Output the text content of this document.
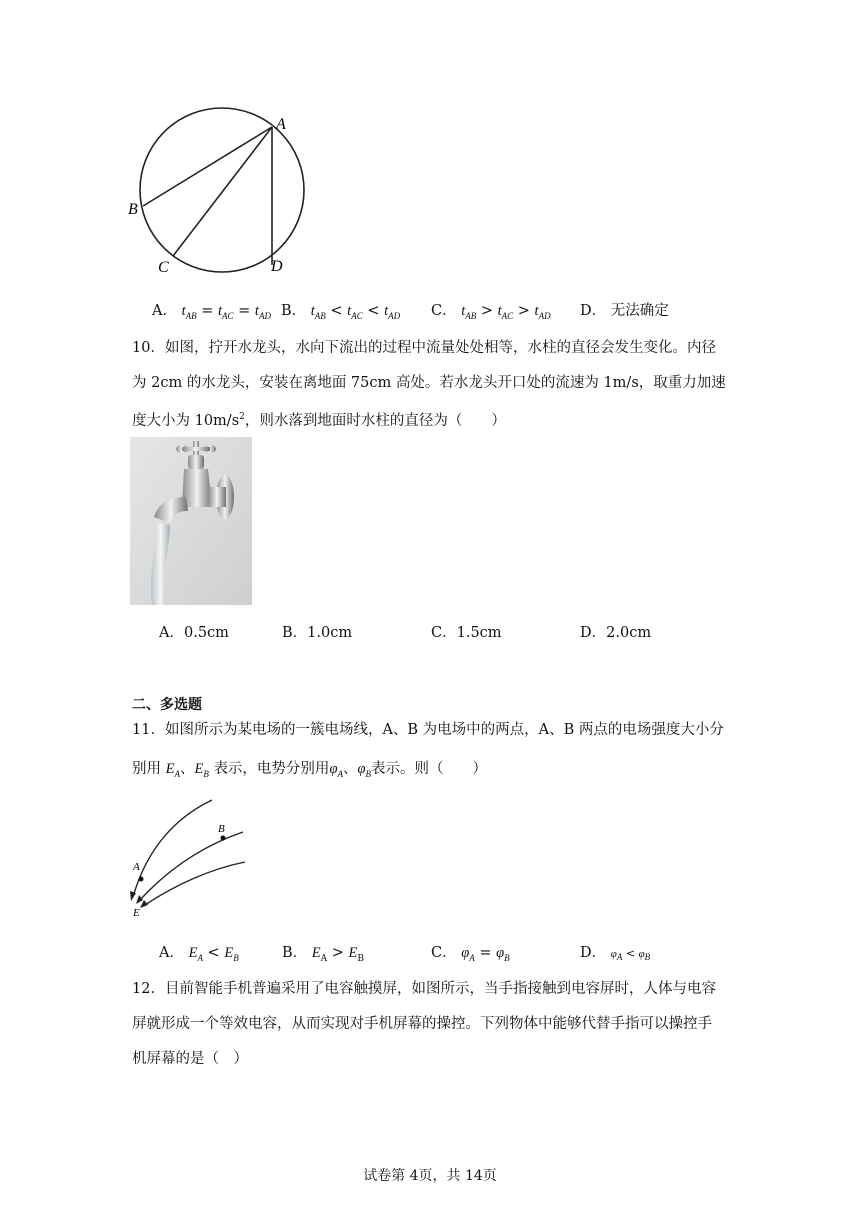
A
B
C	D
A． $t_{AB} = t_{AC} = t_{AD}$ B． $t_{AB} < t_{AC} < t_{AD}$ C． $t_{AB} > t_{AC} > t_{AD}$ D． 无法确定
10．如图，拧开水龙头，水向下流出的过程中流量处处相等，水柱的直径会发生变化。内径
为 2cm 的水龙头，安装在离地面 75cm 高处。若水龙头开口处的流速为 1m/s，取重力加速
度大小为 $10m/s^2$，则水落到地面时水柱的直径为（　　）
A．0.5cm	B．1.0cm	C．1.5cm	D．2.0cm
二、多选题
11．如图所示为某电场的一簇电场线，A、B 为电场中的两点，A、B 两点的电场强度大小分
别用 $E_A$、$E_B$ 表示，电势分别用$\varphi_A$、$\varphi_B$表示。则（　　）
A
B
E
A． $E_A < E_B$	B． $E_A > E_B$	C． $\varphi_A = \varphi_B$	D． $\varphi_A < \varphi_B$
12．目前智能手机普遍采用了电容触摸屏，如图所示，当手指接触到电容屏时，人体与电容
屏就形成一个等效电容，从而实现对手机屏幕的操控。下列物体中能够代替手指可以操控手
机屏幕的是（　）
试卷第 4页，共 14页
